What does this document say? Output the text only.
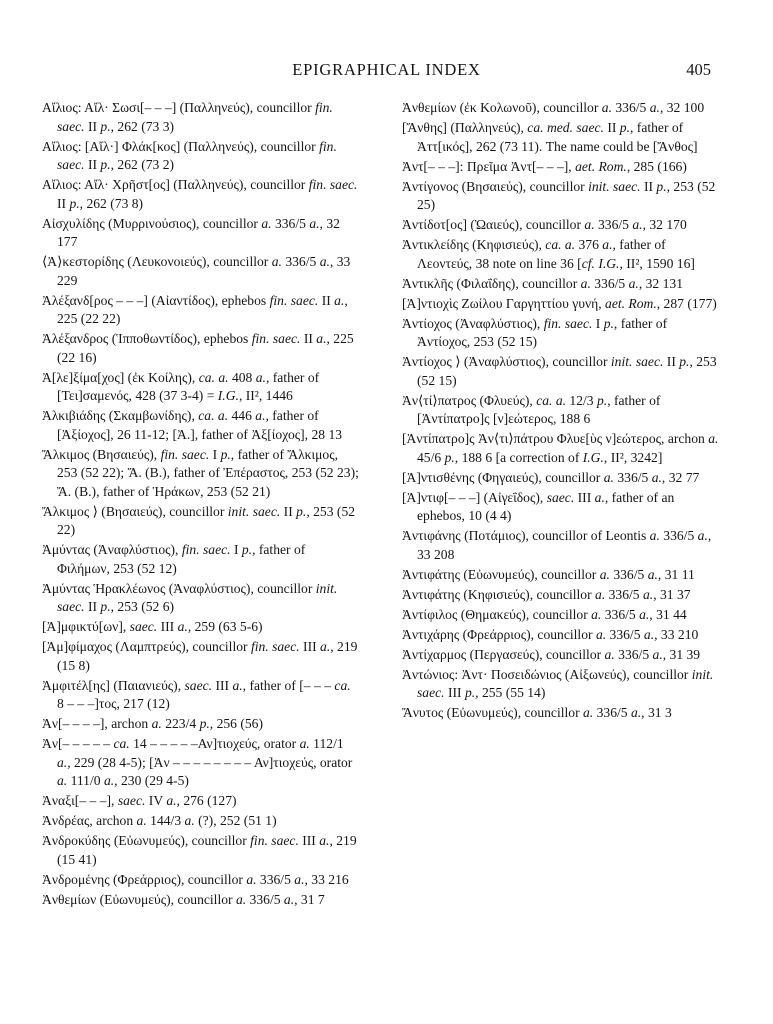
EPIGRAPHICAL INDEX	405
Αἴλιος: Αἴλ· Σωσι[– – –] (Παλληνεύς), councillor fin. saec. II p., 262 (73 3)
Αἴλιος: [Αἴλ·] Φλάκ[κος] (Παλληνεύς), councillor fin. saec. II p., 262 (73 2)
Αἴλιος: Αἴλ· Χρῆστ[ος] (Παλληνεύς), councillor fin. saec. II p., 262 (73 8)
Αἰσχυλίδης (Μυρρινούσιος), councillor a. 336/5 a., 32 177
⟨Ἀ⟩κεστορίδης (Λευκονοιεύς), councillor a. 336/5 a., 33 229
Ἀλέξανδ[ρος – – –] (Αἰαντίδος), ephebos fin. saec. II a., 225 (22 22)
Ἀλέξανδρος (Ἱπποθωντίδος), ephebos fin. saec. II a., 225 (22 16)
Ἀ[λε]ξίμα[χος] (ἐκ Κοίλης), ca. a. 408 a., father of [Τει]σαμενός, 428 (37 3-4) = I.G., II², 1446
Ἀλκιβιάδης (Σκαμβωνίδης), ca. a. 446 a., father of [Ἀξίοχος], 26 11-12; [Ἀ.], father of Ἀξ[ίοχος], 28 13
Ἄλκιμος (Βησαιεύς), fin. saec. I p., father of Ἄλκιμος, 253 (52 22); Ἄ. (Β.), father of Ἐπέραστος, 253 (52 23); Ἄ. (Β.), father of Ἡράκων, 253 (52 21)
Ἄλκιμος ⟩ (Βησαιεύς), councillor init. saec. II p., 253 (52 22)
Ἀμύντας (Ἀναφλύστιος), fin. saec. I p., father of Φιλήμων, 253 (52 12)
Ἀμύντας Ἡρακλέωνος (Ἀναφλύστιος), councillor init. saec. II p., 253 (52 6)
[Ἀ]μφικτύ[ων], saec. III a., 259 (63 5-6)
[Ἀμ]φίμαχος (Λαμπτρεύς), councillor fin. saec. III a., 219 (15 8)
Ἀμφιτέλ[ης] (Παιανιεύς), saec. III a., father of [– – – ca. 8 – – –]τος, 217 (12)
Ἀν[– – – –], archon a. 223/4 p., 256 (56)
Ἀν[– – – – – ca. 14 – – – – –Αν]τιοχεύς, orator a. 112/1 a., 229 (28 4-5); [Ἀν – – – – – – – – Αν]τιοχεύς, orator a. 111/0 a., 230 (29 4-5)
Ἀναξι[– – –], saec. IV a., 276 (127)
Ἀνδρέας, archon a. 144/3 a. (?), 252 (51 1)
Ἀνδροκύδης (Εὐωνυμεύς), councillor fin. saec. III a., 219 (15 41)
Ἀνδρομένης (Φρεάρριος), councillor a. 336/5 a., 33 216
Ἀνθεμίων (Εὐωνυμεύς), councillor a. 336/5 a., 31 7
Ἀνθεμίων (ἐκ Κολωνοῦ), councillor a. 336/5 a., 32 100
[Ἄνθης] (Παλληνεύς), ca. med. saec. II p., father of Ἀττ[ικός], 262 (73 11). The name could be [Ἄνθος]
Ἀντ[– – –]: Πρεῖμα Ἀντ[– – –], aet. Rom., 285 (166)
Ἀντίγονος (Βησαιεύς), councillor init. saec. II p., 253 (52 25)
Ἀντίδοτ[ος] (Ὠαιεύς), councillor a. 336/5 a., 32 170
Ἀντικλείδης (Κηφισιεύς), ca. a. 376 a., father of Λεοντεύς, 38 note on line 36 [cf. I.G., II², 1590 16]
Ἀντικλῆς (Φιλαΐδης), councillor a. 336/5 a., 32 131
[Ἀ]ντιοχὶς Ζωίλου Γαργηττίου γυνή, aet. Rom., 287 (177)
Ἀντίοχος (Ἀναφλύστιος), fin. saec. I p., father of Ἀντίοχος, 253 (52 15)
Ἀντίοχος ⟩ (Ἀναφλύστιος), councillor init. saec. II p., 253 (52 15)
Ἀν⟨τί⟩πατρος (Φλυεύς), ca. a. 12/3 p., father of [Ἀντίπατρο]ς [ν]εώτερος, 188 6
[Ἀντίπατρο]ς Ἀν⟨τι⟩πάτρου Φλυε[ὺς ν]εώτερος, archon a. 45/6 p., 188 6 [a correction of I.G., II², 3242]
[Ἀ]ντισθένης (Φηγαιεύς), councillor a. 336/5 a., 32 77
[Ἀ]ντιφ[– – –] (Αἰγεΐδος), saec. III a., father of an ephebos, 10 (4 4)
Ἀντιφάνης (Ποτάμιος), councillor of Leontis a. 336/5 a., 33 208
Ἀντιφάτης (Εὐωνυμεύς), councillor a. 336/5 a., 31 11
Ἀντιφάτης (Κηφισιεύς), councillor a. 336/5 a., 31 37
Ἀντίφιλος (Θημακεύς), councillor a. 336/5 a., 31 44
Ἀντιχάρης (Φρεάρριος), councillor a. 336/5 a., 33 210
Ἀντίχαρμος (Περγασεύς), councillor a. 336/5 a., 31 39
Ἀντώνιος: Ἀντ· Ποσειδώνιος (Αἰξωνεύς), councillor init. saec. III p., 255 (55 14)
Ἄνυτος (Εὐωνυμεύς), councillor a. 336/5 a., 31 3
